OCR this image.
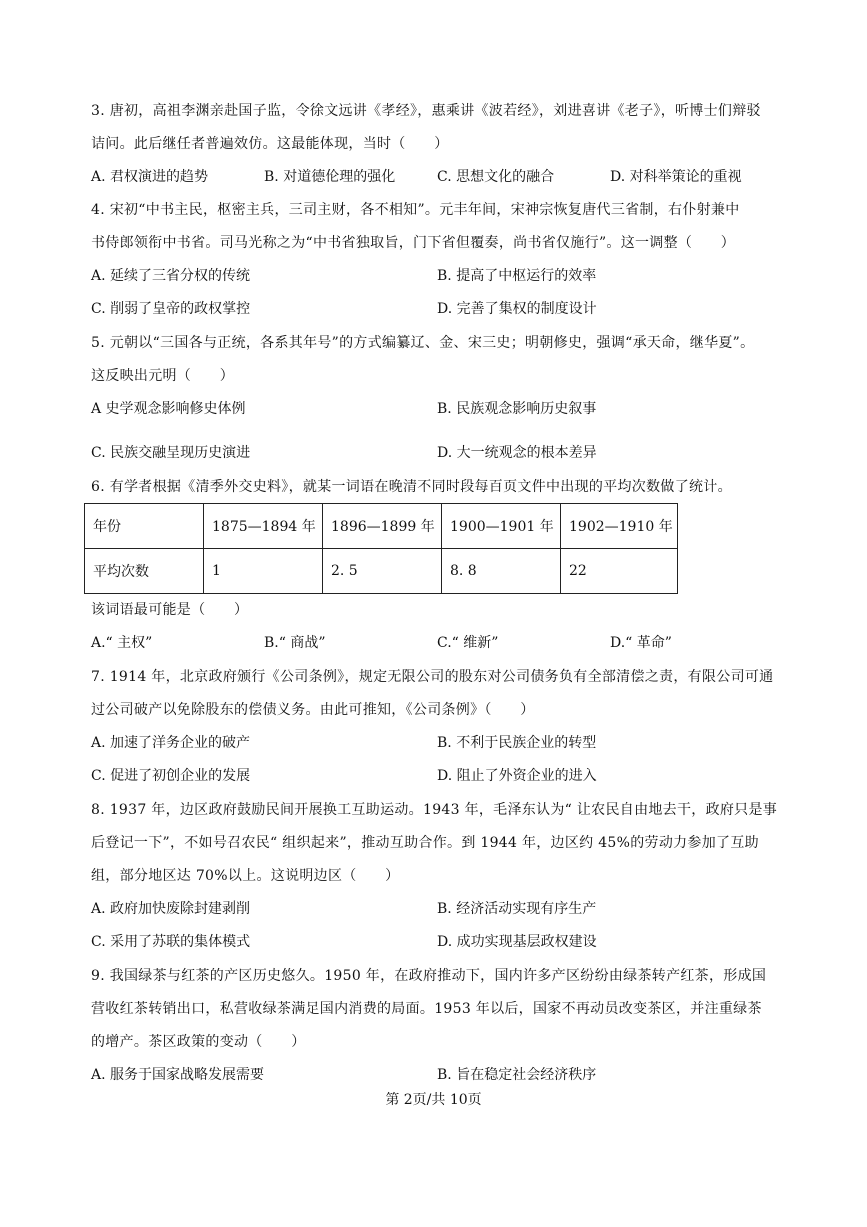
3. 唐初，高祖李渊亲赴国子监，令徐文远讲《孝经》，惠乘讲《波若经》，刘进喜讲《老子》，听博士们辩驳
诘问。此后继任者普遍效仿。这最能体现，当时（　　）
A. 君权演进的趋势	B. 对道德伦理的强化	C. 思想文化的融合	D. 对科举策论的重视
4. 宋初“中书主民，枢密主兵，三司主财，各不相知”。元丰年间，宋神宗恢复唐代三省制，右仆射兼中
书侍郎领衔中书省。司马光称之为“中书省独取旨，门下省但覆奏，尚书省仅施行”。这一调整（　　）
A. 延续了三省分权的传统	B. 提高了中枢运行的效率
C. 削弱了皇帝的政权掌控	D. 完善了集权的制度设计
5. 元朝以“三国各与正统，各系其年号”的方式编纂辽、金、宋三史；明朝修史，强调“承天命，继华夏”。
这反映出元明（　　）
A 史学观念影响修史体例	B. 民族观念影响历史叙事
C. 民族交融呈现历史演进	D. 大一统观念的根本差异
6. 有学者根据《清季外交史料》，就某一词语在晚清不同时段每百页文件中出现的平均次数做了统计。
年份	1875—1894 年	1896—1899 年	1900—1901 年	1902—1910 年
平均次数	1	2. 5	8. 8	22
该词语最可能是（　　）
A.“ 主权”	B.“ 商战”	C.“ 维新”	D.“ 革命”
7. 1914 年，北京政府颁行《公司条例》，规定无限公司的股东对公司债务负有全部清偿之责，有限公司可通
过公司破产以免除股东的偿债义务。由此可推知，《公司条例》（　　）
A. 加速了洋务企业的破产	B. 不利于民族企业的转型
C. 促进了初创企业的发展	D. 阻止了外资企业的进入
8. 1937 年，边区政府鼓励民间开展换工互助运动。1943 年，毛泽东认为“ 让农民自由地去干，政府只是事
后登记一下”，不如号召农民“ 组织起来”，推动互助合作。到 1944 年，边区约 45%的劳动力参加了互助
组，部分地区达 70%以上。这说明边区（　　）
A. 政府加快废除封建剥削	B. 经济活动实现有序生产
C. 采用了苏联的集体模式	D. 成功实现基层政权建设
9. 我国绿茶与红茶的产区历史悠久。1950 年，在政府推动下，国内许多产区纷纷由绿茶转产红茶，形成国
营收红茶转销出口，私营收绿茶满足国内消费的局面。1953 年以后，国家不再动员改变茶区，并注重绿茶
的增产。茶区政策的变动（　　）
A. 服务于国家战略发展需要	B. 旨在稳定社会经济秩序
第 2页/共 10页
